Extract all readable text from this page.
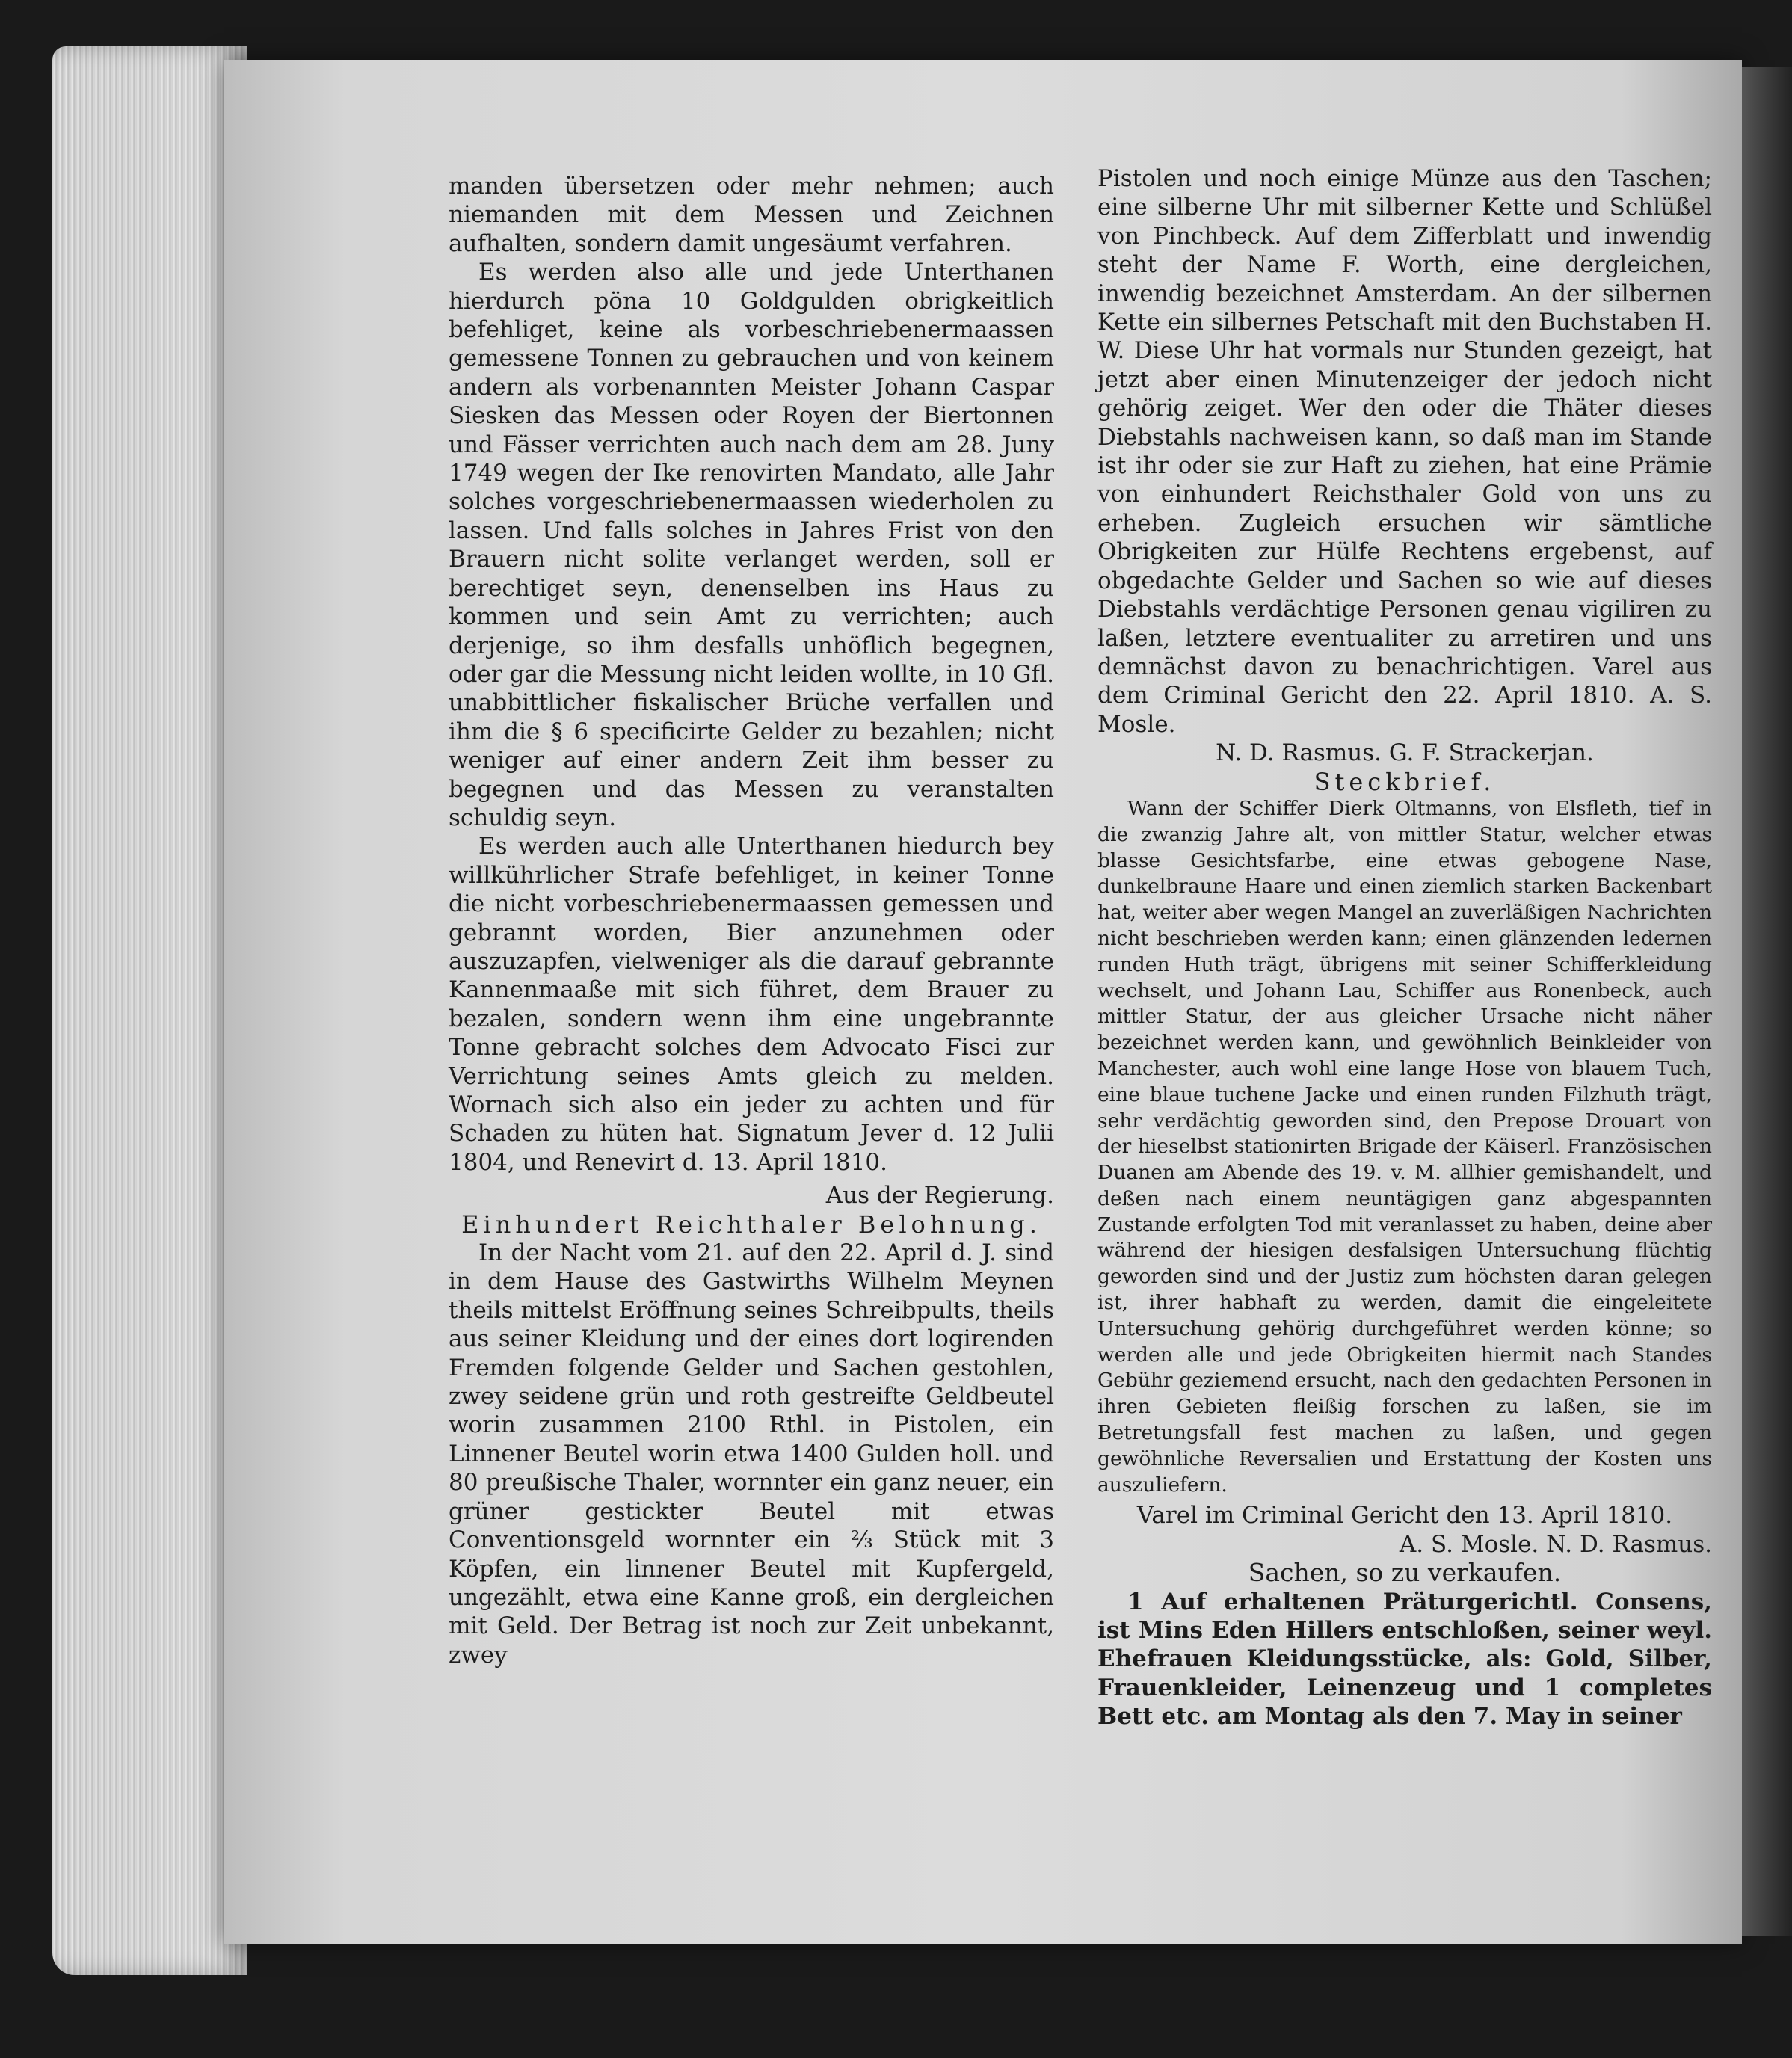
manden übersetzen oder mehr nehmen; auch niemanden mit dem Messen und Zeichnen aufhalten, sondern damit ungesäumt verfahren.

Es werden also alle und jede Unterthanen hierdurch pöna 10 Goldgulden obrigkeitlich befehliget, keine als vorbeschriebenermaassen gemessene Tonnen zu gebrauchen und von keinem andern als vorbenannten Meister Johann Caspar Siesken das Messen oder Royen der Biertonnen und Fässer verrichten auch nach dem am 28. Juny 1749 wegen der Ike renovirten Mandato, alle Jahr solches vorgeschriebenermaassen wiederholen zu lassen. Und falls solches in Jahres Frist von den Brauern nicht solite verlanget werden, soll er berechtiget seyn, denenselben ins Haus zu kommen und sein Amt zu verrichten; auch derjenige, so ihm desfalls unhöflich begegnen, oder gar die Messung nicht leiden wollte, in 10 Gfl. unabbittlicher fiskalischer Brüche verfallen und ihm die § 6 specificirte Gelder zu bezahlen; nicht weniger auf einer andern Zeit ihm besser zu begegnen und das Messen zu veranstalten schuldig seyn.

Es werden auch alle Unterthanen hiedurch bey willkührlicher Strafe befehliget, in keiner Tonne die nicht vorbeschriebenermaassen gemessen und gebrannt worden, Bier anzunehmen oder auszuzapfen, vielweniger als die darauf gebrannte Kannenmaaße mit sich führet, dem Brauer zu bezalen, sondern wenn ihm eine ungebrannte Tonne gebracht solches dem Advocato Fisci zur Verrichtung seines Amts gleich zu melden. Wornach sich also ein jeder zu achten und für Schaden zu hüten hat. Signatum Jever d. 12 Julii 1804, und Renevirt d. 13. April 1810.

Aus der Regierung.

Einhundert Reichthaler Belohnung.

In der Nacht vom 21. auf den 22. April d. J. sind in dem Hause des Gastwirths Wilhelm Meynen theils mittelst Eröffnung seines Schreibpults, theils aus seiner Kleidung und der eines dort logirenden Fremden folgende Gelder und Sachen gestohlen, zwey seidene grün und roth gestreifte Geldbeutel worin zusammen 2100 Rthl. in Pistolen, ein Linnener Beutel worin etwa 1400 Gulden holl. und 80 preußische Thaler, wornnter ein ganz neuer, ein grüner gestickter Beutel mit etwas Conventionsgeld wornnter ein ⅔ Stück mit 3 Köpfen, ein linnener Beutel mit Kupfergeld, ungezählt, etwa eine Kanne groß, ein dergleichen mit Geld. Der Betrag ist noch zur Zeit unbekannt, zwey

Pistolen und noch einige Münze aus den Taschen; eine silberne Uhr mit silberner Kette und Schlüßel von Pinchbeck. Auf dem Zifferblatt und inwendig steht der Name F. Worth, eine dergleichen, inwendig bezeichnet Amsterdam. An der silbernen Kette ein silbernes Petschaft mit den Buchstaben H. W. Diese Uhr hat vormals nur Stunden gezeigt, hat jetzt aber einen Minutenzeiger der jedoch nicht gehörig zeiget. Wer den oder die Thäter dieses Diebstahls nachweisen kann, so daß man im Stande ist ihr oder sie zur Haft zu ziehen, hat eine Prämie von einhundert Reichsthaler Gold von uns zu erheben. Zugleich ersuchen wir sämtliche Obrigkeiten zur Hülfe Rechtens ergebenst, auf obgedachte Gelder und Sachen so wie auf dieses Diebstahls verdächtige Personen genau vigiliren zu laßen, letztere eventualiter zu arretiren und uns demnächst davon zu benachrichtigen. Varel aus dem Criminal Gericht den 22. April 1810. A. S. Mosle.

N. D. Rasmus. G. F. Strackerjan.

Steckbrief.

Wann der Schiffer Dierk Oltmanns, von Elsfleth, tief in die zwanzig Jahre alt, von mittler Statur, welcher etwas blasse Gesichtsfarbe, eine etwas gebogene Nase, dunkelbraune Haare und einen ziemlich starken Backenbart hat, weiter aber wegen Mangel an zuverläßigen Nachrichten nicht beschrieben werden kann; einen glänzenden ledernen runden Huth trägt, übrigens mit seiner Schifferkleidung wechselt, und Johann Lau, Schiffer aus Ronenbeck, auch mittler Statur, der aus gleicher Ursache nicht näher bezeichnet werden kann, und gewöhnlich Beinkleider von Manchester, auch wohl eine lange Hose von blauem Tuch, eine blaue tuchene Jacke und einen runden Filzhuth trägt, sehr verdächtig geworden sind, den Prepose Drouart von der hieselbst stationirten Brigade der Käiserl. Französischen Duanen am Abende des 19. v. M. allhier gemishandelt, und deßen nach einem neuntägigen ganz abgespannten Zustande erfolgten Tod mit veranlasset zu haben, deine aber während der hiesigen desfalsigen Untersuchung flüchtig geworden sind und der Justiz zum höchsten daran gelegen ist, ihrer habhaft zu werden, damit die eingeleitete Untersuchung gehörig durchgeführet werden könne; so werden alle und jede Obrigkeiten hiermit nach Standes Gebühr geziemend ersucht, nach den gedachten Personen in ihren Gebieten fleißig forschen zu laßen, sie im Betretungsfall fest machen zu laßen, und gegen gewöhnliche Reversalien und Erstattung der Kosten uns auszuliefern.

Varel im Criminal Gericht den 13. April 1810.

A. S. Mosle. N. D. Rasmus.

Sachen, so zu verkaufen.

1 Auf erhaltenen Präturgerichtl. Consens, ist Mins Eden Hillers entschloßen, seiner weyl. Ehefrauen Kleidungsstücke, als: Gold, Silber, Frauenkleider, Leinenzeug und 1 completes Bett etc. am Montag als den 7. May in seiner
